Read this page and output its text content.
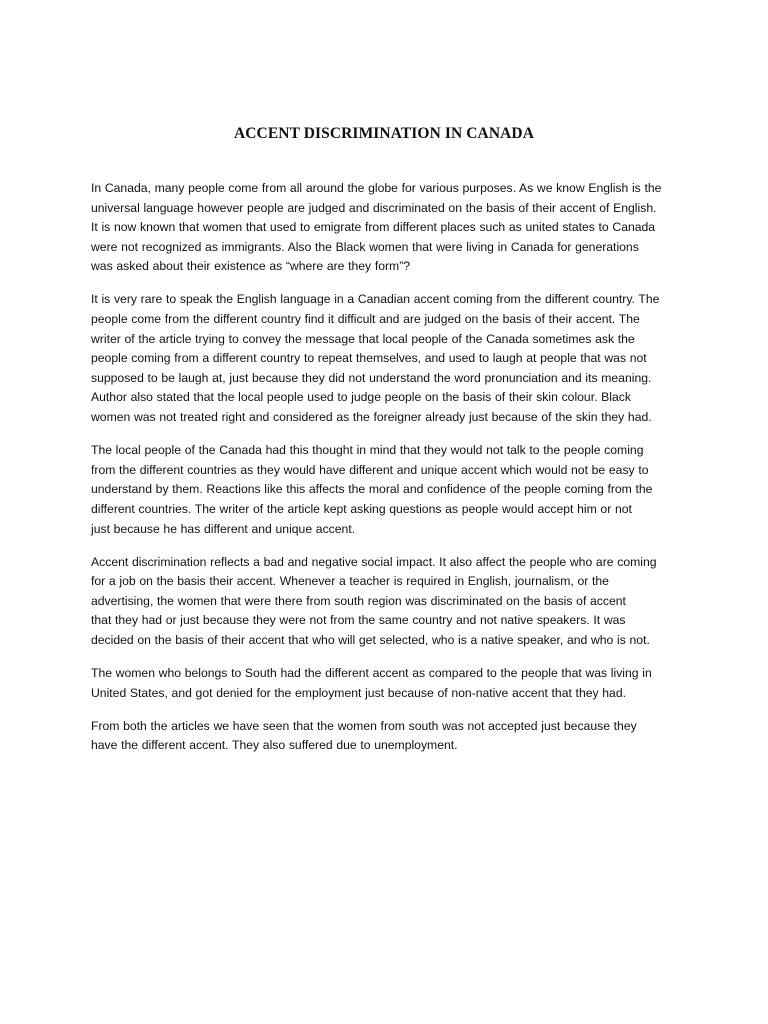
ACCENT DISCRIMINATION IN CANADA

In Canada, many people come from all around the globe for various purposes. As we know English is the
universal language however people are judged and discriminated on the basis of their accent of English.
It is now known that women that used to emigrate from different places such as united states to Canada
were not recognized as immigrants. Also the Black women that were living in Canada for generations
was asked about their existence as “where are they form”?

It is very rare to speak the English language in a Canadian accent coming from the different country. The
people come from the different country find it difficult and are judged on the basis of their accent. The
writer of the article trying to convey the message that local people of the Canada sometimes ask the
people coming from a different country to repeat themselves, and used to laugh at people that was not
supposed to be laugh at, just because they did not understand the word pronunciation and its meaning.
Author also stated that the local people used to judge people on the basis of their skin colour. Black
women was not treated right and considered as the foreigner already just because of the skin they had.

The local people of the Canada had this thought in mind that they would not talk to the people coming
from the different countries as they would have different and unique accent which would not be easy to
understand by them. Reactions like this affects the moral and confidence of the people coming from the
different countries. The writer of the article kept asking questions as people would accept him or not
just because he has different and unique accent.

Accent discrimination reflects a bad and negative social impact. It also affect the people who are coming
for a job on the basis their accent. Whenever a teacher is required in English, journalism, or the
advertising, the women that were there from south region was discriminated on the basis of accent
that they had or just because they were not from the same country and not native speakers. It was
decided on the basis of their accent that who will get selected, who is a native speaker, and who is not.

The women who belongs to South had the different accent as compared to the people that was living in
United States, and got denied for the employment just because of non-native accent that they had.

From both the articles we have seen that the women from south was not accepted just because they
have the different accent. They also suffered due to unemployment.
